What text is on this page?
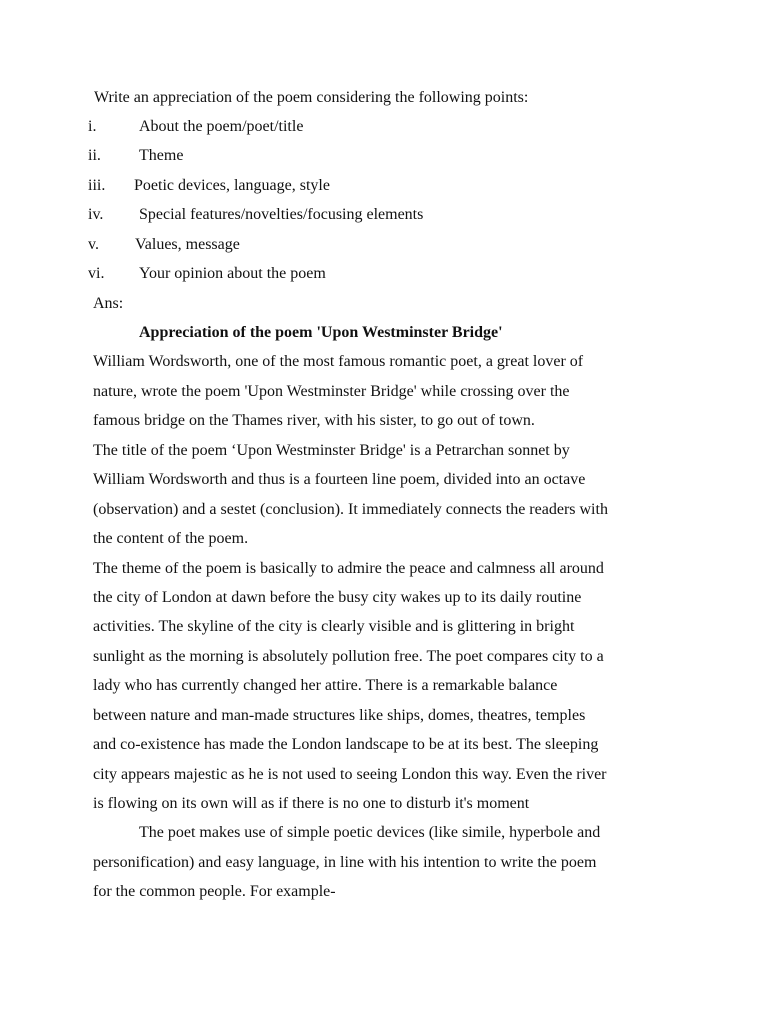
Write an appreciation of the poem considering the following points:
i.	About the poem/poet/title
ii. Theme
iii. Poetic devices, language, style
iv. Special features/novelties/focusing elements
v. Values, message
vi. Your opinion about the poem
Ans:
Appreciation of the poem 'Upon Westminster Bridge'
William Wordsworth, one of the most famous romantic poet, a great lover of
nature, wrote the poem 'Upon Westminster Bridge' while crossing over the
famous bridge on the Thames river, with his sister, to go out of town.
The title of the poem ‘Upon Westminster Bridge' is a Petrarchan sonnet by
William Wordsworth and thus is a fourteen line poem, divided into an octave
(observation) and a sestet (conclusion). It immediately connects the readers with
the content of the poem.
The theme of the poem is basically to admire the peace and calmness all around
the city of London at dawn before the busy city wakes up to its daily routine
activities. The skyline of the city is clearly visible and is glittering in bright
sunlight as the morning is absolutely pollution free. The poet compares city to a
lady who has currently changed her attire. There is a remarkable balance
between nature and man-made structures like ships, domes, theatres, temples
and co-existence has made the London landscape to be at its best. The sleeping
city appears majestic as he is not used to seeing London this way. Even the river
is flowing on its own will as if there is no one to disturb it's moment
The poet makes use of simple poetic devices (like simile, hyperbole and
personification) and easy language, in line with his intention to write the poem
for the common people. For example-
